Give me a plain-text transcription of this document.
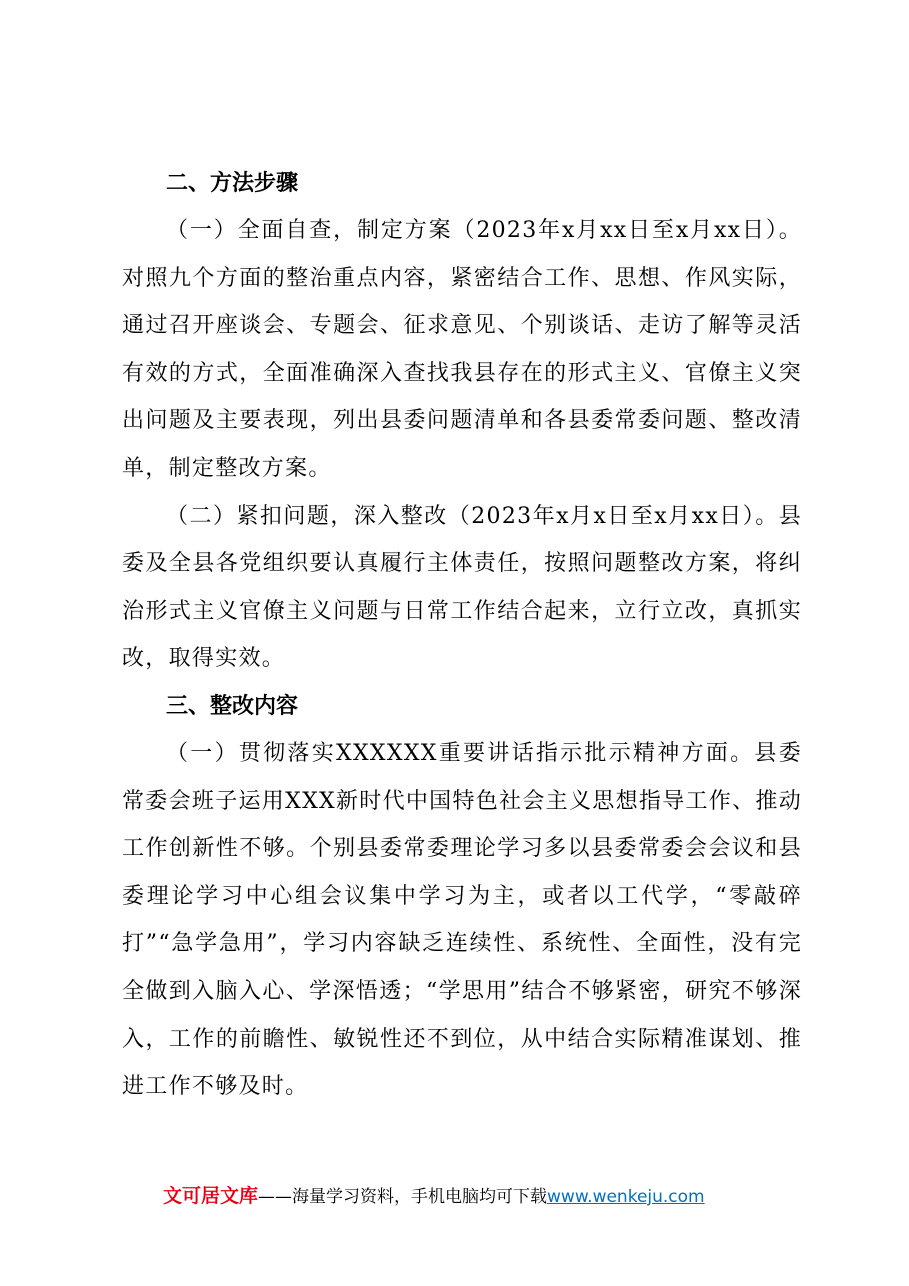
二、方法步骤

（一）全面自查，制定方案（2023年x月xx日至x月xx日）。对照九个方面的整治重点内容，紧密结合工作、思想、作风实际，通过召开座谈会、专题会、征求意见、个别谈话、走访了解等灵活有效的方式，全面准确深入查找我县存在的形式主义、官僚主义突出问题及主要表现，列出县委问题清单和各县委常委问题、整改清单，制定整改方案。

（二）紧扣问题，深入整改（2023年x月x日至x月xx日）。县委及全县各党组织要认真履行主体责任，按照问题整改方案，将纠治形式主义官僚主义问题与日常工作结合起来，立行立改，真抓实改，取得实效。

三、整改内容

（一）贯彻落实XXXXXX重要讲话指示批示精神方面。县委常委会班子运用XXX新时代中国特色社会主义思想指导工作、推动工作创新性不够。个别县委常委理论学习多以县委常委会会议和县委理论学习中心组会议集中学习为主，或者以工代学，“零敲碎打”“急学急用”，学习内容缺乏连续性、系统性、全面性，没有完全做到入脑入心、学深悟透；“学思用”结合不够紧密，研究不够深入，工作的前瞻性、敏锐性还不到位，从中结合实际精准谋划、推进工作不够及时。

文可居文库——海量学习资料，手机电脑均可下载www.wenkeju.com
